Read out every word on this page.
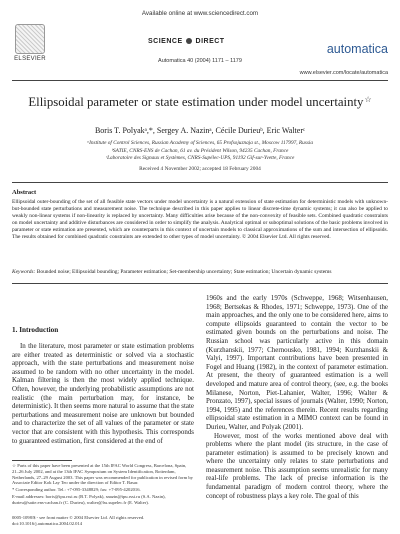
Available online at www.sciencedirect.com
ELSEVIER
SCIENCE DIRECT
automatica
Automatica 40 (2004) 1171 – 1179
www.elsevier.com/locate/automatica
Ellipsoidal parameter or state estimation under model uncertainty☆
Boris T. Polyakᵃ,*, Sergey A. Nazinᵃ, Cécile Durieuᵇ, Eric Walterᶜ
ᵃInstitute of Control Sciences, Russian Academy of Sciences, 65 Profsojuznaja st., Moscow 117997, Russia
ᵇSATIE, CNRS-ENS de Cachan, 61 av. du Président Wilson, 94235 Cachan, France
ᶜLaboratoire des Signaux et Systèmes, CNRS-Supélec-UPS, 91192 Gif-sur-Yvette, France
Received 4 November 2002; accepted 18 February 2004
Abstract
Ellipsoidal outer-bounding of the set of all feasible state vectors under model uncertainty is a natural extension of state estimation for deterministic models with unknown-but-bounded state perturbations and measurement noise. The technique described in this paper applies to linear discrete-time dynamic systems; it can also be applied to weakly non-linear systems if non-linearity is replaced by uncertainty. Many difficulties arise because of the non-convexity of feasible sets. Combined quadratic constraints on model uncertainty and additive disturbances are considered in order to simplify the analysis. Analytical optimal or suboptimal solutions of the basic problems involved in parameter or state estimation are presented, which are counterparts in this context of uncertain models to classical approximations of the sum and intersection of ellipsoids. The results obtained for combined quadratic constraints are extended to other types of model uncertainty. © 2004 Elsevier Ltd. All rights reserved.
Keywords: Bounded noise; Ellipsoidal bounding; Parameter estimation; Set-membership uncertainty; State estimation; Uncertain dynamic systems
1. Introduction

In the literature, most parameter or state estimation problems are either treated as deterministic or solved via a stochastic approach, with the state perturbations and measurement noise assumed to be random with no other uncertainty in the model. Kalman filtering is then the most widely applied technique. Often, however, the underlying probabilistic assumptions are not realistic (the main perturbation may, for instance, be deterministic). It then seems more natural to assume that the state perturbations and measurement noise are unknown but bounded and to characterize the set of all values of the parameter or state vector that are consistent with this hypothesis. This corresponds to guaranteed estimation, first considered at the end of

1960s and the early 1970s (Schweppe, 1968; Witsenhausen, 1968; Bertsekas & Rhodes, 1971; Schweppe, 1973). One of the main approaches, and the only one to be considered here, aims to compute ellipsoids guaranteed to contain the vector to be estimated given bounds on the perturbations and noise. The Russian school was particularly active in this domain (Kurzhanskii, 1977; Chernousko, 1981, 1994; Kurzhanskii & Valyi, 1997). Important contributions have been presented in Fogel and Huang (1982), in the context of parameter estimation. At present, the theory of guaranteed estimation is a well developed and mature area of control theory, (see, e.g. the books Milanese, Norton, Piet-Lahanier, Walter, 1996; Walter & Pronzato, 1997), special issues of journals (Walter, 1990; Norton, 1994, 1995) and the references therein. Recent results regarding ellipsoidal state estimation in a MIMO context can be found in Durieu, Walter, and Polyak (2001).

However, most of the works mentioned above deal with problems where the plant model (its structure, in the case of parameter estimation) is assumed to be precisely known and where the uncertainty only relates to state perturbations and measurement noise. This assumption seems unrealistic for many real-life problems. The lack of precise information is the fundamental paradigm of modern control theory, where the concept of robustness plays a key role. The goal of this

☆ Parts of this paper have been presented at the 15th IFAC World Congress, Barcelona, Spain, 21–26 July 2002, and at the 13th IFAC Symposium on System Identification, Rotterdam, Netherlands, 27–29 August 2003. This paper was recommended for publication in revised form by Associate Editor Kok Lay Teo under the direction of Editor T. Basar.

* Corresponding author. Tel.: +7-095-3348829; fax: +7-095-4202016.

E-mail addresses: boris@ipu.rssi.ru (B.T. Polyak), snazin@ipu.rssi.ru (S.A. Nazin), durieu@satie.ens-cachan.fr (C. Durieu), walter@lss.supelec.fr (E. Walter).

0005-1098/$ - see front matter © 2004 Elsevier Ltd. All rights reserved.
doi:10.1016/j.automatica.2004.02.014
